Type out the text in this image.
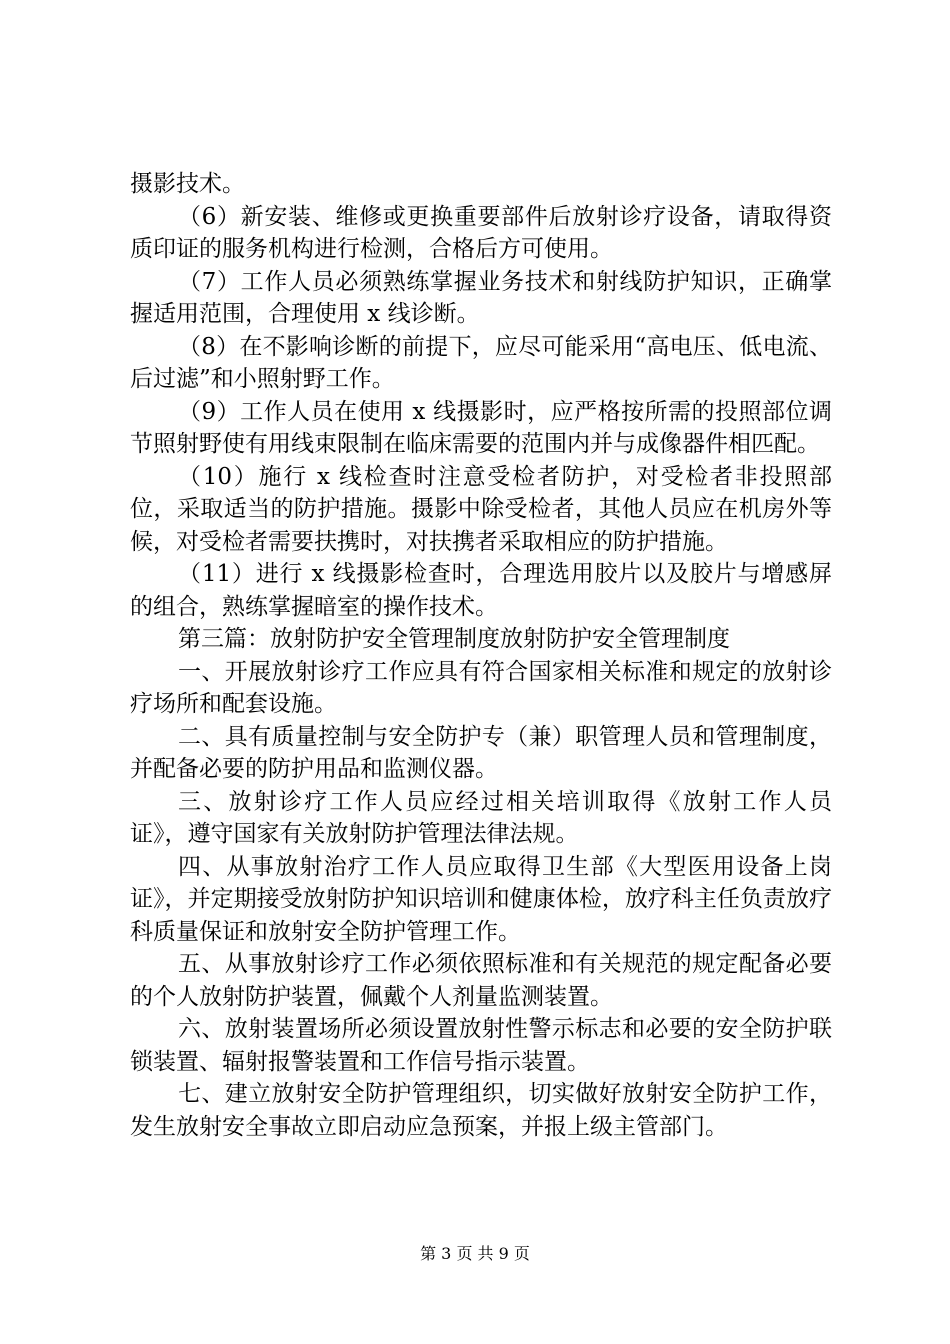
摄影技术。

（6）新安装、维修或更换重要部件后放射诊疗设备，请取得资质印证的服务机构进行检测，合格后方可使用。

（7）工作人员必须熟练掌握业务技术和射线防护知识，正确掌握适用范围，合理使用 x 线诊断。

（8）在不影响诊断的前提下，应尽可能采用“高电压、低电流、后过滤”和小照射野工作。

（9）工作人员在使用 x 线摄影时，应严格按所需的投照部位调节照射野使有用线束限制在临床需要的范围内并与成像器件相匹配。

（10）施行 x 线检查时注意受检者防护，对受检者非投照部位，采取适当的防护措施。摄影中除受检者，其他人员应在机房外等候，对受检者需要扶携时，对扶携者采取相应的防护措施。

（11）进行 x 线摄影检查时，合理选用胶片以及胶片与增感屏的组合，熟练掌握暗室的操作技术。

第三篇：放射防护安全管理制度放射防护安全管理制度

一、开展放射诊疗工作应具有符合国家相关标准和规定的放射诊疗场所和配套设施。

二、具有质量控制与安全防护专（兼）职管理人员和管理制度，并配备必要的防护用品和监测仪器。

三、放射诊疗工作人员应经过相关培训取得《放射工作人员证》，遵守国家有关放射防护管理法律法规。

四、从事放射治疗工作人员应取得卫生部《大型医用设备上岗证》，并定期接受放射防护知识培训和健康体检，放疗科主任负责放疗科质量保证和放射安全防护管理工作。

五、从事放射诊疗工作必须依照标准和有关规范的规定配备必要的个人放射防护装置，佩戴个人剂量监测装置。

六、放射装置场所必须设置放射性警示标志和必要的安全防护联锁装置、辐射报警装置和工作信号指示装置。

七、建立放射安全防护管理组织，切实做好放射安全防护工作，发生放射安全事故立即启动应急预案，并报上级主管部门。

第 3 页 共 9 页
